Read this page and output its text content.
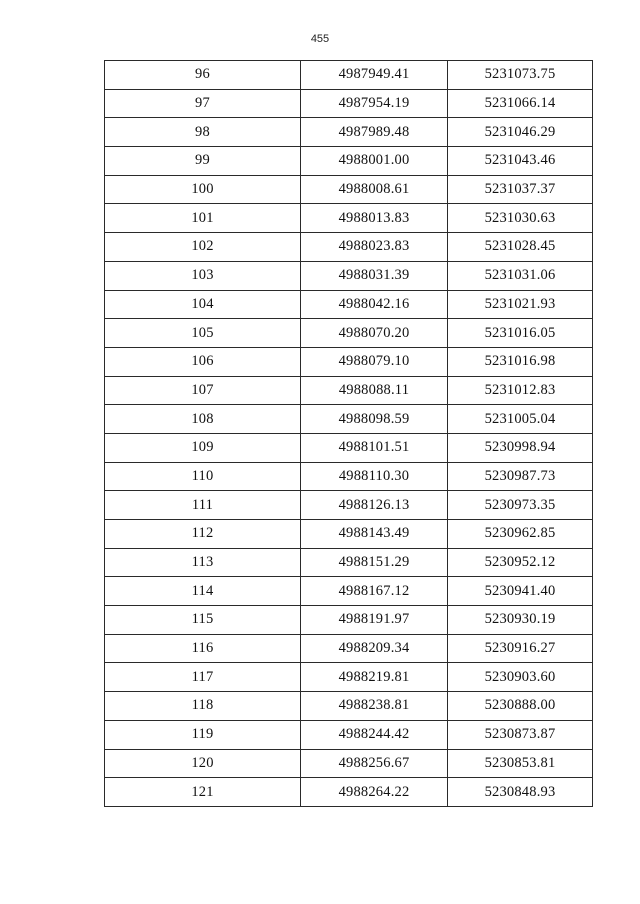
455
96	4987949.41	5231073.75
97	4987954.19	5231066.14
98	4987989.48	5231046.29
99	4988001.00	5231043.46
100	4988008.61	5231037.37
101	4988013.83	5231030.63
102	4988023.83	5231028.45
103	4988031.39	5231031.06
104	4988042.16	5231021.93
105	4988070.20	5231016.05
106	4988079.10	5231016.98
107	4988088.11	5231012.83
108	4988098.59	5231005.04
109	4988101.51	5230998.94
110	4988110.30	5230987.73
111	4988126.13	5230973.35
112	4988143.49	5230962.85
113	4988151.29	5230952.12
114	4988167.12	5230941.40
115	4988191.97	5230930.19
116	4988209.34	5230916.27
117	4988219.81	5230903.60
118	4988238.81	5230888.00
119	4988244.42	5230873.87
120	4988256.67	5230853.81
121	4988264.22	5230848.93
